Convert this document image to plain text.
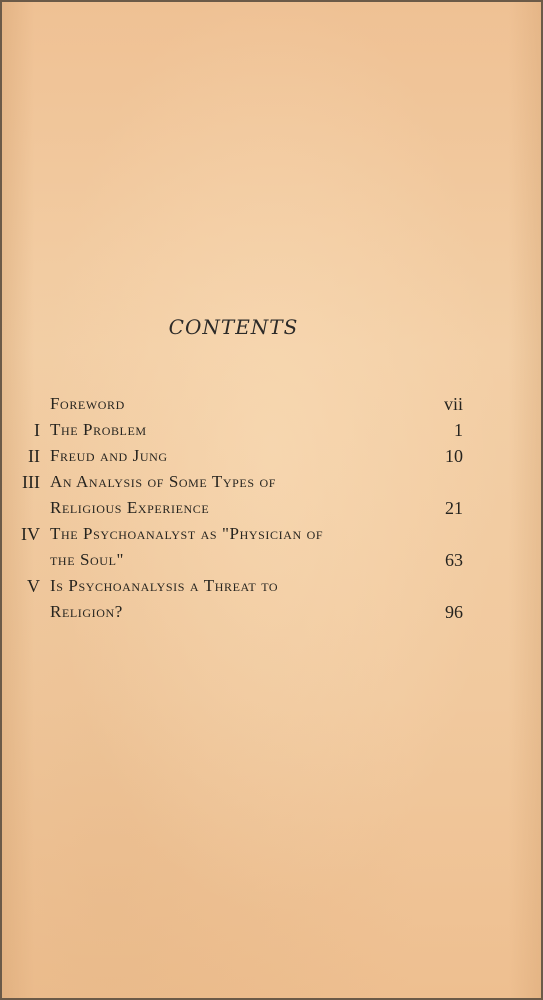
CONTENTS
Foreword	vii
I The Problem	1
II Freud and Jung	10
III An Analysis of Some Types of
Religious Experience	21
IV The Psychoanalyst as "Physician of
the Soul"	63
V Is Psychoanalysis a Threat to
Religion?	96
